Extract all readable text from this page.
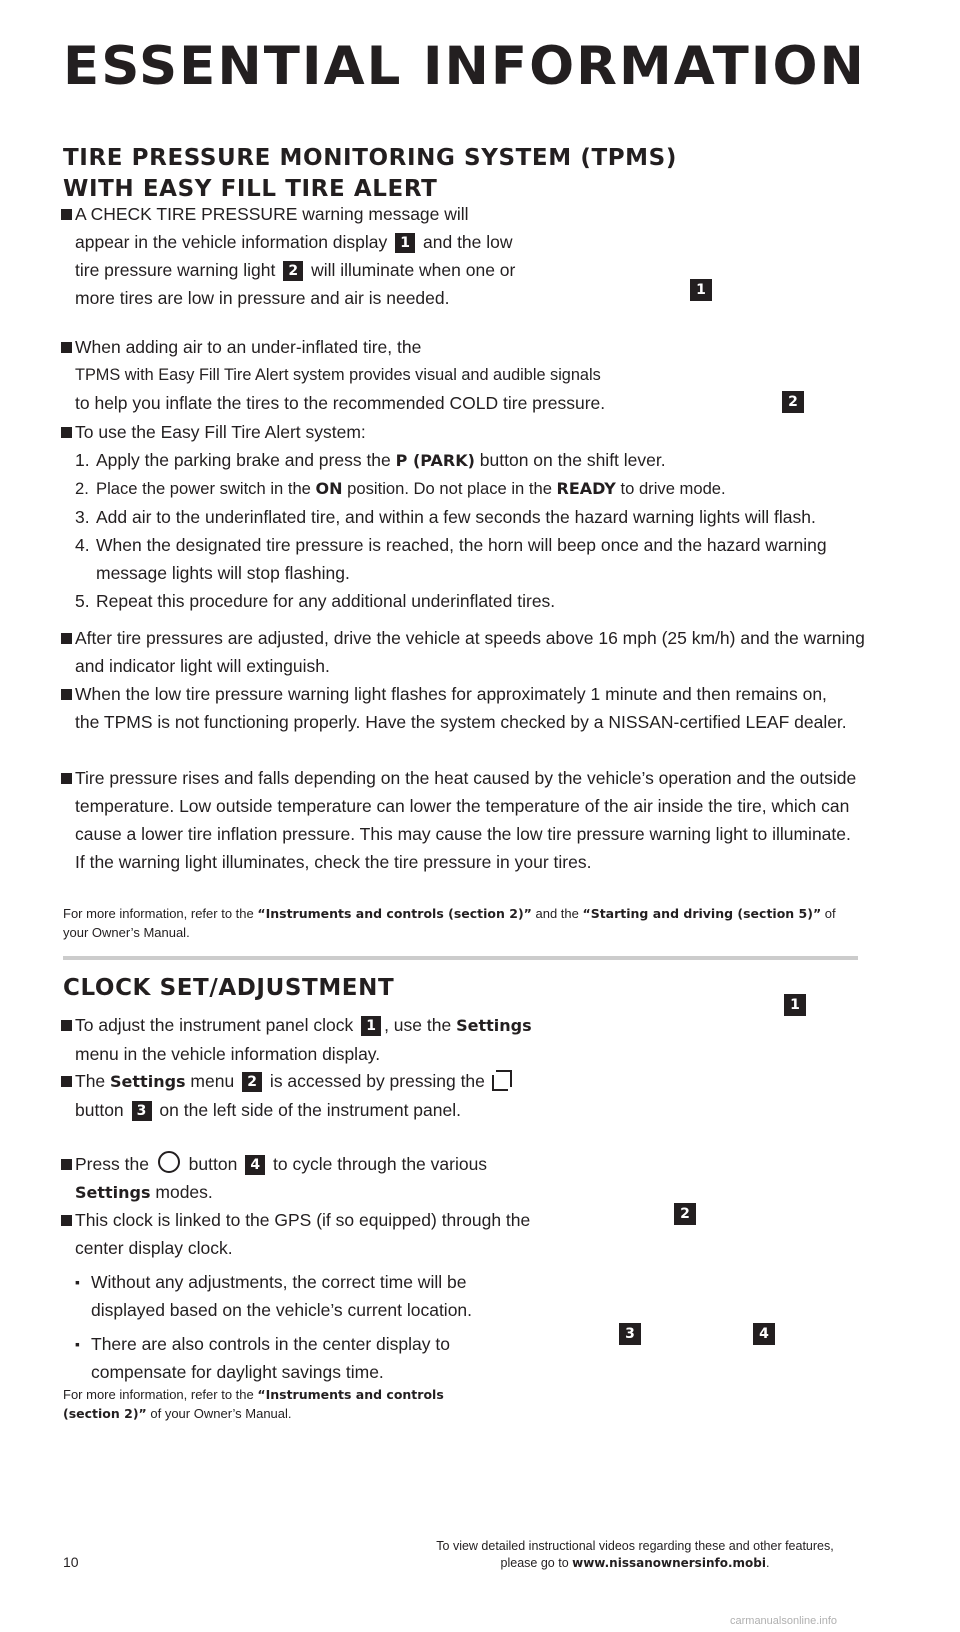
ESSENTIAL INFORMATION
TIRE PRESSURE MONITORING SYSTEM (TPMS)
WITH EASY FILL TIRE ALERT
A CHECK TIRE PRESSURE warning message will appear in the vehicle information display 1 and the low tire pressure warning light 2 will illuminate when one or more tires are low in pressure and air is needed.
When adding air to an under-inflated tire, the
TPMS with Easy Fill Tire Alert system provides visual and audible signals
to help you inflate the tires to the recommended COLD tire pressure.
1
2
To use the Easy Fill Tire Alert system:
1. Apply the parking brake and press the P (PARK) button on the shift lever.
2. Place the power switch in the ON position. Do not place in the READY to drive mode.
3. Add air to the underinflated tire, and within a few seconds the hazard warning lights will flash.
4. When the designated tire pressure is reached, the horn will beep once and the hazard warning message lights will stop flashing.
5. Repeat this procedure for any additional underinflated tires.
After tire pressures are adjusted, drive the vehicle at speeds above 16 mph (25 km/h) and the warning and indicator light will extinguish.
When the low tire pressure warning light flashes for approximately 1 minute and then remains on, the TPMS is not functioning properly. Have the system checked by a NISSAN-certified LEAF dealer.
Tire pressure rises and falls depending on the heat caused by the vehicle’s operation and the outside temperature. Low outside temperature can lower the temperature of the air inside the tire, which can cause a lower tire inflation pressure. This may cause the low tire pressure warning light to illuminate. If the warning light illuminates, check the tire pressure in your tires.
For more information, refer to the “Instruments and controls (section 2)” and the “Starting and driving (section 5)” of your Owner’s Manual.
CLOCK SET/ADJUSTMENT
To adjust the instrument panel clock 1 , use the Settings menu in the vehicle information display.
The Settings menu 2 is accessed by pressing the
button 3 on the left side of the instrument panel.
Press the  button 4 to cycle through the various Settings modes.
This clock is linked to the GPS (if so equipped) through the center display clock.
▪ Without any adjustments, the correct time will be displayed based on the vehicle’s current location.
▪ There are also controls in the center display to compensate for daylight savings time.
1
2
3	4
For more information, refer to the “Instruments and controls (section 2)” of your Owner’s Manual.
10
To view detailed instructional videos regarding these and other features,
please go to www.nissanownersinfo.mobi.
carmanualsonline.info
